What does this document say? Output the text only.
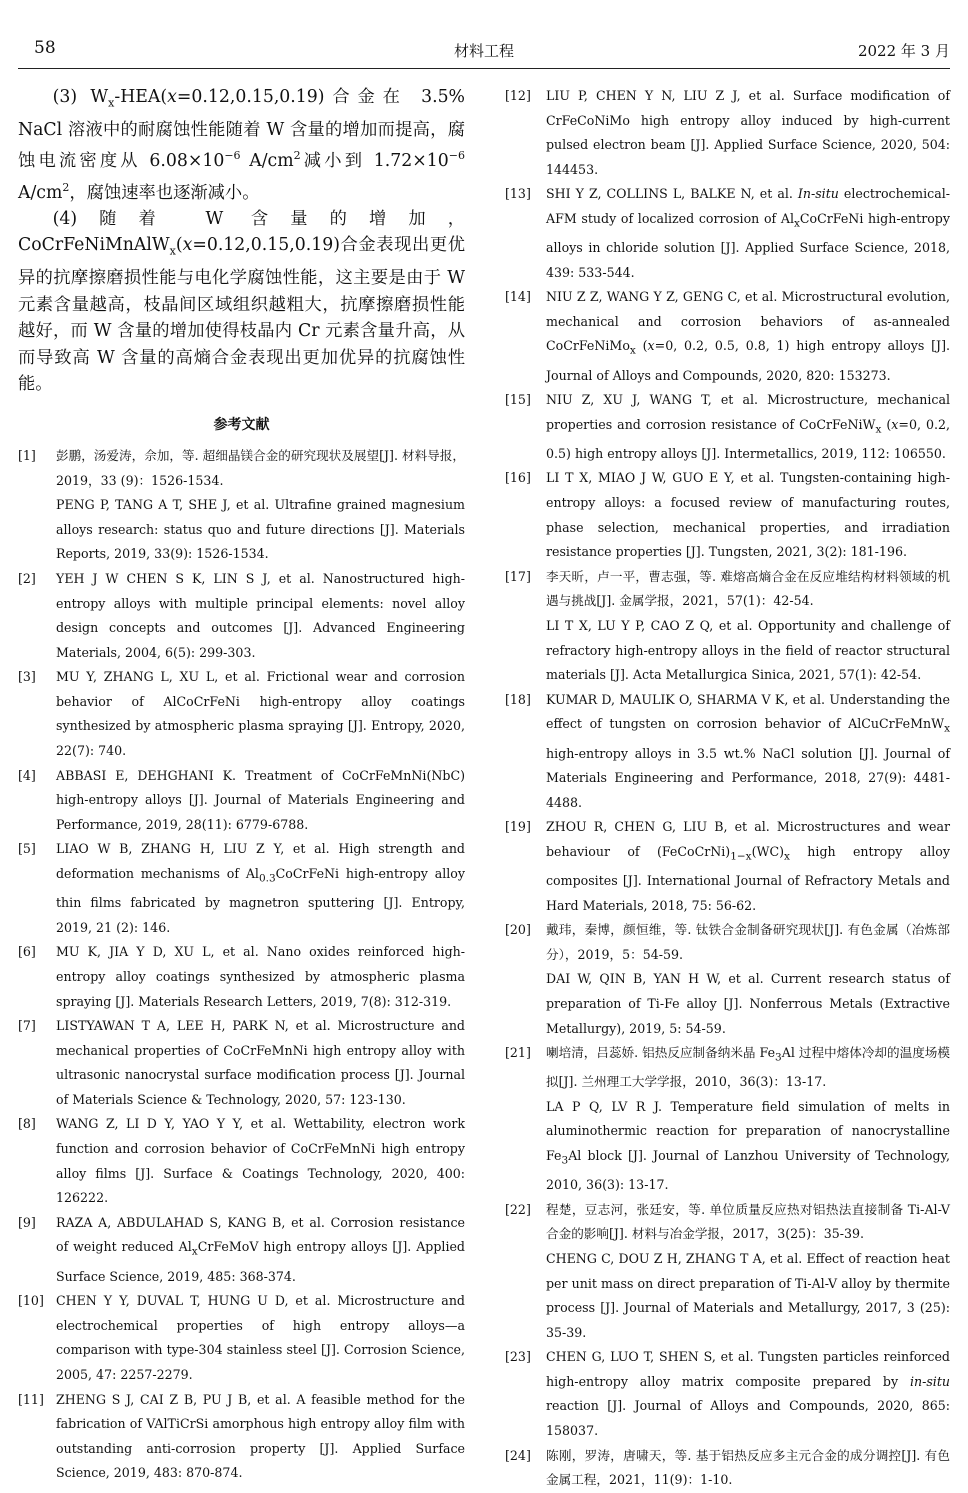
58	材料工程	2022 年 3 月

(3) $W_x-HEA(x=0.12,0.15,0.19)$合金在 3.5% NaCl 溶液中的耐腐蚀性能随着 W 含量的增加而提高，腐蚀电流密度从 $6.08\times 10^{-6}$ $A/cm^2$减小到 $1.72\times 10^{-6}$ $A/cm^2$，腐蚀速率也逐渐减小。

(4)随着 W 含量的增加，CoCrFeNiMnAlW$_x$(x=0.12,0.15,0.19)合金表现出更优异的抗摩擦磨损性能与电化学腐蚀性能，这主要是由于 W 元素含量越高，枝晶间区域组织越粗大，抗摩擦磨损性能越好，而 W 含量的增加使得枝晶内 Cr 元素含量升高，从而导致高 W 含量的高熵合金表现出更加优异的抗腐蚀性能。

参考文献
[1] 彭鹏，汤爱涛，佘加，等. 超细晶镁合金的研究现状及展望[J]. 材料导报，2019，33 (9)：1526-1534.
PENG P, TANG A T, SHE J, et al. Ultrafine grained magnesium alloys research: status quo and future directions [J]. Materials Reports, 2019, 33(9): 1526-1534.
[2] YEH J W CHEN S K, LIN S J, et al. Nanostructured high-entropy alloys with multiple principal elements: novel alloy design concepts and outcomes [J]. Advanced Engineering Materials, 2004, 6(5): 299-303.
[3] MU Y, ZHANG L, XU L, et al. Frictional wear and corrosion behavior of AlCoCrFeNi high-entropy alloy coatings synthesized by atmospheric plasma spraying [J]. Entropy, 2020, 22(7): 740.
[4] ABBASI E, DEHGHANI K. Treatment of CoCrFeMnNi(NbC) high-entropy alloys [J]. Journal of Materials Engineering and Performance, 2019, 28(11): 6779-6788.
[5] LIAO W B, ZHANG H, LIU Z Y, et al. High strength and deformation mechanisms of $Al_{0.3}CoCrFeNi$ high-entropy alloy thin films fabricated by magnetron sputtering [J]. Entropy, 2019, 21 (2): 146.
[6] MU K, JIA Y D, XU L, et al. Nano oxides reinforced high-entropy alloy coatings synthesized by atmospheric plasma spraying [J]. Materials Research Letters, 2019, 7(8): 312-319.
[7] LISTYAWAN T A, LEE H, PARK N, et al. Microstructure and mechanical properties of CoCrFeMnNi high entropy alloy with ultrasonic nanocrystal surface modification process [J]. Journal of Materials Science & Technology, 2020, 57: 123-130.
[8] WANG Z, LI D Y, YAO Y Y, et al. Wettability, electron work function and corrosion behavior of CoCrFeMnNi high entropy alloy films [J]. Surface & Coatings Technology, 2020, 400: 126222.
[9] RAZA A, ABDULAHAD S, KANG B, et al. Corrosion resistance of weight reduced $Al_xCrFeMoV$ high entropy alloys [J]. Applied Surface Science, 2019, 485: 368-374.
[10] CHEN Y Y, DUVAL T, HUNG U D, et al. Microstructure and electrochemical properties of high entropy alloys—a comparison with type-304 stainless steel [J]. Corrosion Science, 2005, 47: 2257-2279.
[11] ZHENG S J, CAI Z B, PU J B, et al. A feasible method for the fabrication of VAlTiCrSi amorphous high entropy alloy film with outstanding anti-corrosion property [J]. Applied Surface Science, 2019, 483: 870-874.
[12] LIU P, CHEN Y N, LIU Z J, et al. Surface modification of CrFeCoNiMo high entropy alloy induced by high-current pulsed electron beam [J]. Applied Surface Science, 2020, 504: 144453.
[13] SHI Y Z, COLLINS L, BALKE N, et al. In-situ electrochemical-AFM study of localized corrosion of $Al_xCoCrFeNi$ high-entropy alloys in chloride solution [J]. Applied Surface Science, 2018, 439: 533-544.
[14] NIU Z Z, WANG Y Z, GENG C, et al. Microstructural evolution, mechanical and corrosion behaviors of as-annealed CoCrFeNiMo$_x$ (x=0, 0.2, 0.5, 0.8, 1) high entropy alloys [J]. Journal of Alloys and Compounds, 2020, 820: 153273.
[15] NIU Z, XU J, WANG T, et al. Microstructure, mechanical properties and corrosion resistance of CoCrFeNiW$_x$ (x=0, 0.2, 0.5) high entropy alloys [J]. Intermetallics, 2019, 112: 106550.
[16] LI T X, MIAO J W, GUO E Y, et al. Tungsten-containing high-entropy alloys: a focused review of manufacturing routes, phase selection, mechanical properties, and irradiation resistance properties [J]. Tungsten, 2021, 3(2): 181-196.
[17] 李天昕，卢一平，曹志强，等. 难熔高熵合金在反应堆结构材料领域的机遇与挑战[J]. 金属学报，2021，57(1)：42-54.
LI T X, LU Y P, CAO Z Q, et al. Opportunity and challenge of refractory high-entropy alloys in the field of reactor structural materials [J]. Acta Metallurgica Sinica, 2021, 57(1): 42-54.
[18] KUMAR D, MAULIK O, SHARMA V K, et al. Understanding the effect of tungsten on corrosion behavior of AlCuCrFeMnW$_x$ high-entropy alloys in 3.5 wt.% NaCl solution [J]. Journal of Materials Engineering and Performance, 2018, 27(9): 4481-4488.
[19] ZHOU R, CHEN G, LIU B, et al. Microstructures and wear behaviour of $(FeCoCrNi)_{1-x}(WC)_x$ high entropy alloy composites [J]. International Journal of Refractory Metals and Hard Materials, 2018, 75: 56-62.
[20] 戴玮，秦博，颜恒维，等. 钛铁合金制备研究现状[J]. 有色金属（冶炼部分），2019，5：54-59.
DAI W, QIN B, YAN H W, et al. Current research status of preparation of Ti-Fe alloy [J]. Nonferrous Metals (Extractive Metallurgy), 2019, 5: 54-59.
[21] 喇培清，吕蕊娇. 铝热反应制备纳米晶 $Fe_3Al$ 过程中熔体冷却的温度场模拟[J]. 兰州理工大学学报，2010，36(3)：13-17.
LA P Q, LV R J. Temperature field simulation of melts in aluminothermic reaction for preparation of nanocrystalline $Fe_3Al$ block [J]. Journal of Lanzhou University of Technology, 2010, 36(3): 13-17.
[22] 程楚，豆志河，张廷安，等. 单位质量反应热对铝热法直接制备 Ti-Al-V 合金的影响[J]. 材料与冶金学报，2017，3(25)：35-39.
CHENG C, DOU Z H, ZHANG T A, et al. Effect of reaction heat per unit mass on direct preparation of Ti-Al-V alloy by thermite process [J]. Journal of Materials and Metallurgy, 2017, 3 (25): 35-39.
[23] CHEN G, LUO T, SHEN S, et al. Tungsten particles reinforced high-entropy alloy matrix composite prepared by in-situ reaction [J]. Journal of Alloys and Compounds, 2020, 865: 158037.
[24] 陈刚，罗涛，唐啸天，等. 基于铝热反应多主元合金的成分调控[J]. 有色金属工程，2021，11(9)：1-10.
